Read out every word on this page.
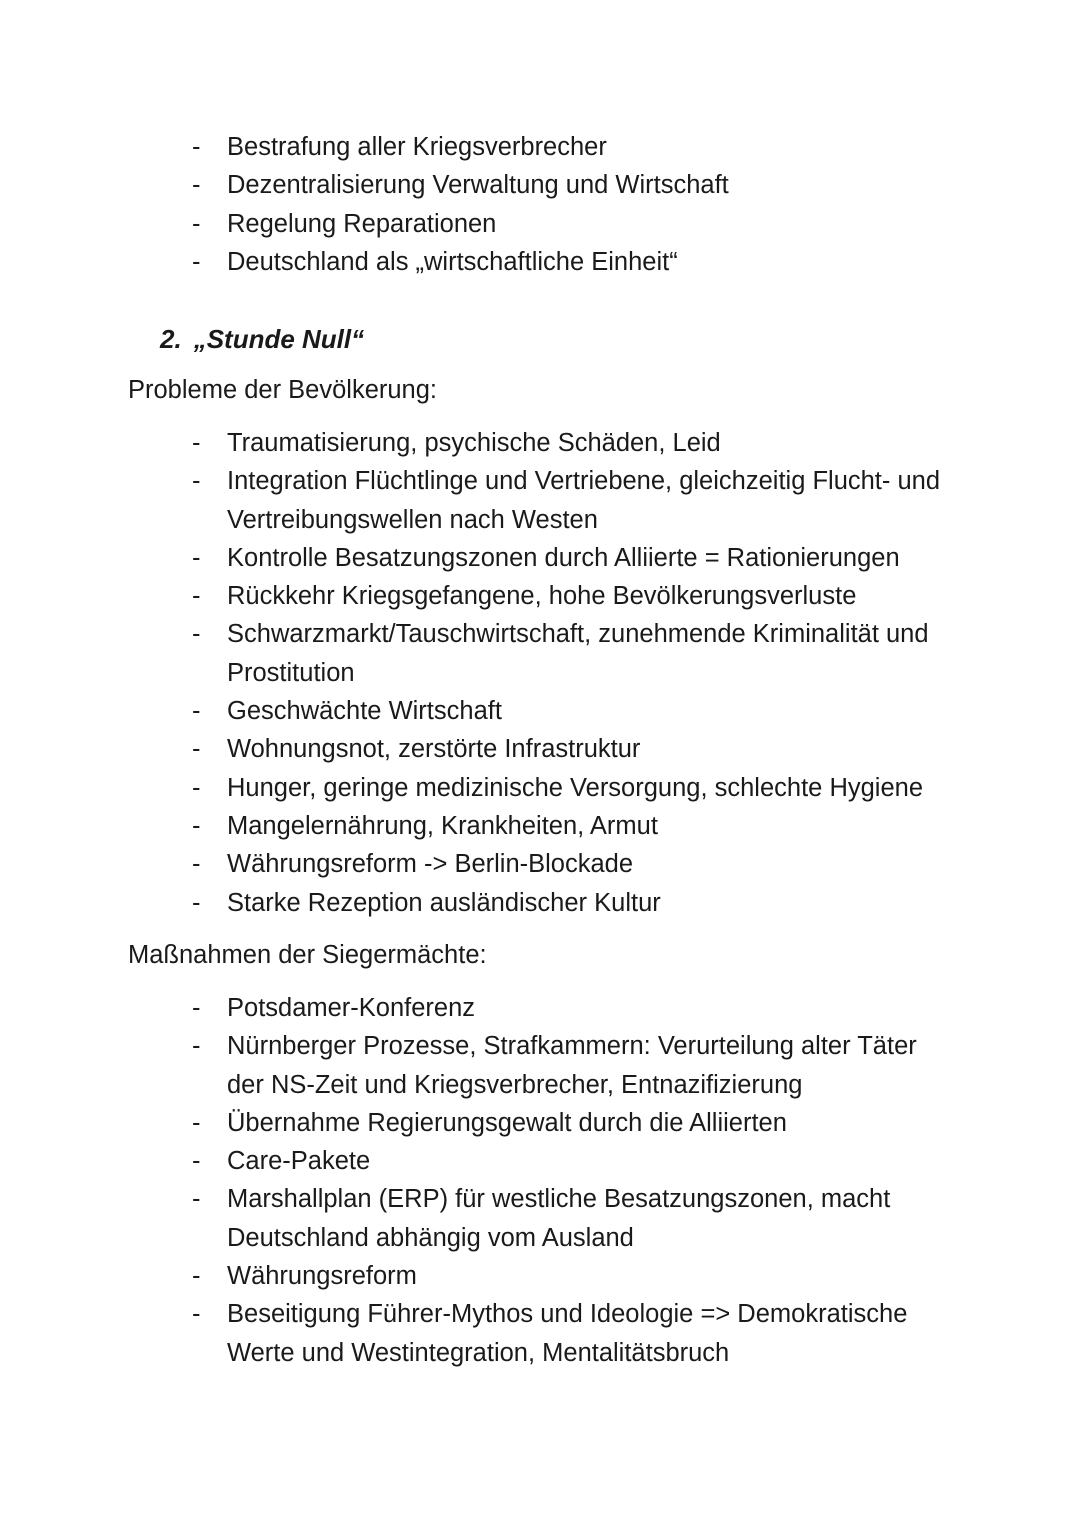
- Bestrafung aller Kriegsverbrecher
- Dezentralisierung Verwaltung und Wirtschaft
- Regelung Reparationen
- Deutschland als „wirtschaftliche Einheit“
2. „Stunde Null“

Probleme der Bevölkerung:

- Traumatisierung, psychische Schäden, Leid
- Integration Flüchtlinge und Vertriebene, gleichzeitig Flucht- und Vertreibungswellen nach Westen
- Kontrolle Besatzungszonen durch Alliierte = Rationierungen
- Rückkehr Kriegsgefangene, hohe Bevölkerungsverluste
- Schwarzmarkt/Tauschwirtschaft, zunehmende Kriminalität und Prostitution
- Geschwächte Wirtschaft
- Wohnungsnot, zerstörte Infrastruktur
- Hunger, geringe medizinische Versorgung, schlechte Hygiene
- Mangelernährung, Krankheiten, Armut
- Währungsreform -> Berlin-Blockade
- Starke Rezeption ausländischer Kultur

Maßnahmen der Siegermächte:

- Potsdamer-Konferenz
- Nürnberger Prozesse, Strafkammern: Verurteilung alter Täter der NS-Zeit und Kriegsverbrecher, Entnazifizierung
- Übernahme Regierungsgewalt durch die Alliierten
- Care-Pakete
- Marshallplan (ERP) für westliche Besatzungszonen, macht Deutschland abhängig vom Ausland
- Währungsreform
- Beseitigung Führer-Mythos und Ideologie => Demokratische Werte und Westintegration, Mentalitätsbruch
